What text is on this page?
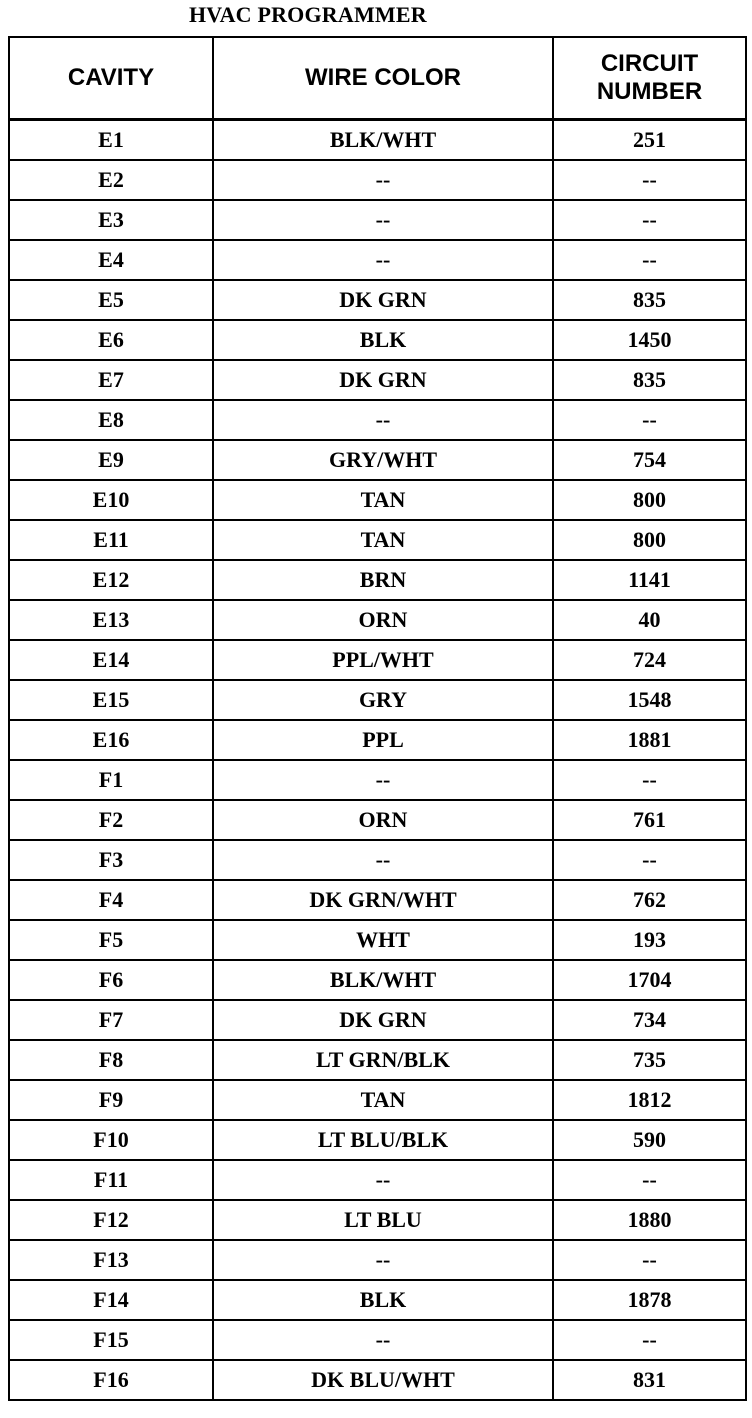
HVAC PROGRAMMER
CAVITY	WIRE COLOR	CIRCUIT
NUMBER

E1	BLK/WHT	251
E2	--	--
E3	--	--
E4	--	--
E5	DK GRN	835
E6	BLK	1450
E7	DK GRN	835
E8	--	--
E9	GRY/WHT	754
E10	TAN	800
E11	TAN	800
E12	BRN	1141
E13	ORN	40
E14	PPL/WHT	724
E15	GRY	1548
E16	PPL	1881
F1	--	--
F2	ORN	761
F3	--	--
F4	DK GRN/WHT	762
F5	WHT	193
F6	BLK/WHT	1704
F7	DK GRN	734
F8	LT GRN/BLK	735
F9	TAN	1812
F10	LT BLU/BLK	590
F11	--	--
F12	LT BLU	1880
F13	--	--
F14	BLK	1878
F15	--	--
F16	DK BLU/WHT	831
